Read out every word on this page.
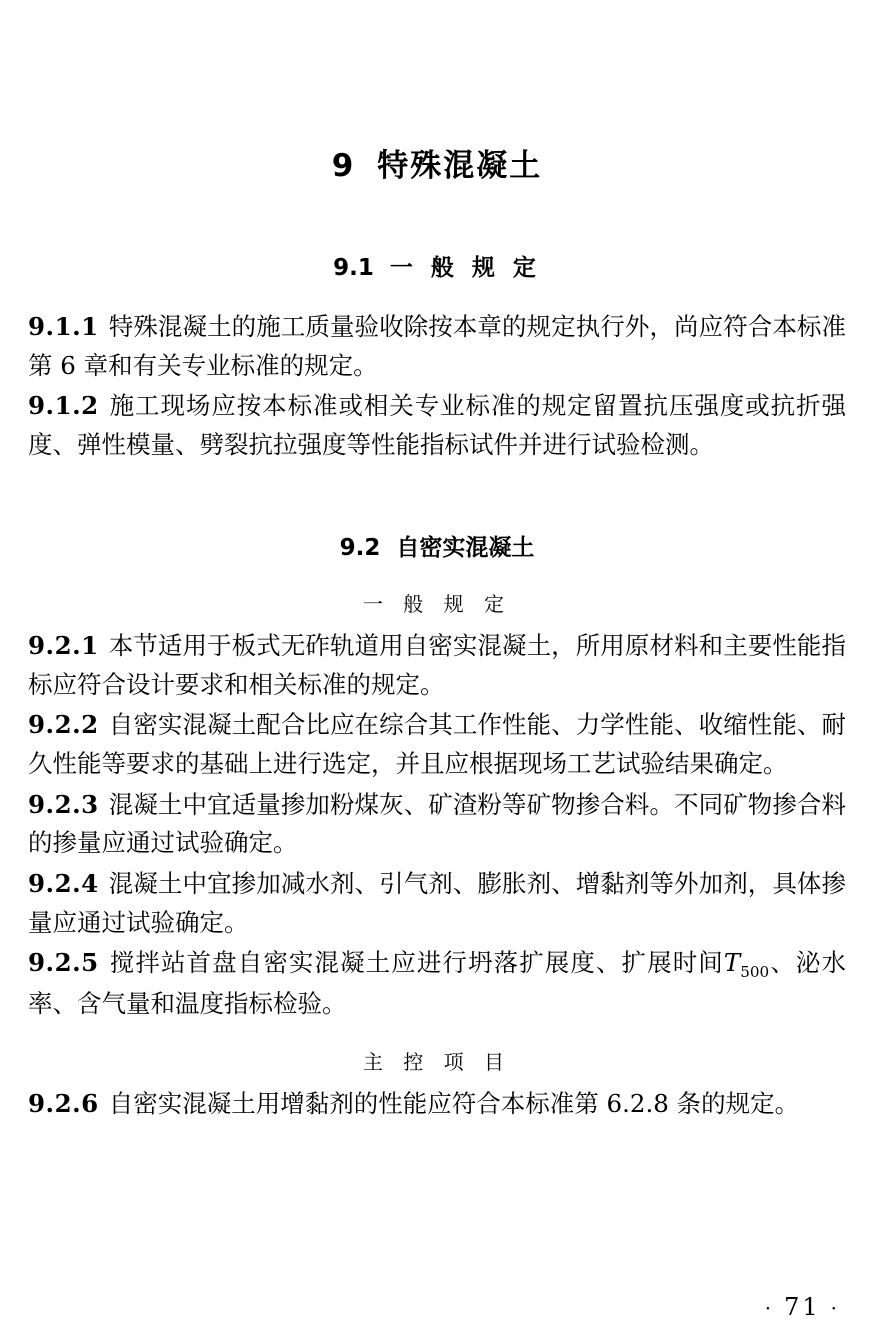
9 特殊混凝土
9.1 一 般 规 定

9.1.1 特殊混凝土的施工质量验收除按本章的规定执行外，尚应符合本标准第 6 章和有关专业标准的规定。

9.1.2 施工现场应按本标准或相关专业标准的规定留置抗压强度或抗折强度、弹性模量、劈裂抗拉强度等性能指标试件并进行试验检测。

9.2 自密实混凝土
一 般 规 定

9.2.1 本节适用于板式无砟轨道用自密实混凝土，所用原材料和主要性能指标应符合设计要求和相关标准的规定。

9.2.2 自密实混凝土配合比应在综合其工作性能、力学性能、收缩性能、耐久性能等要求的基础上进行选定，并且应根据现场工艺试验结果确定。

9.2.3 混凝土中宜适量掺加粉煤灰、矿渣粉等矿物掺合料。不同矿物掺合料的掺量应通过试验确定。

9.2.4 混凝土中宜掺加减水剂、引气剂、膨胀剂、增黏剂等外加剂，具体掺量应通过试验确定。

9.2.5 搅拌站首盘自密实混凝土应进行坍落扩展度、扩展时间$T_{500}$、泌水率、含气量和温度指标检验。

主 控 项 目

9.2.6 自密实混凝土用增黏剂的性能应符合本标准第 6.2.8 条的规定。

· 71 ·
